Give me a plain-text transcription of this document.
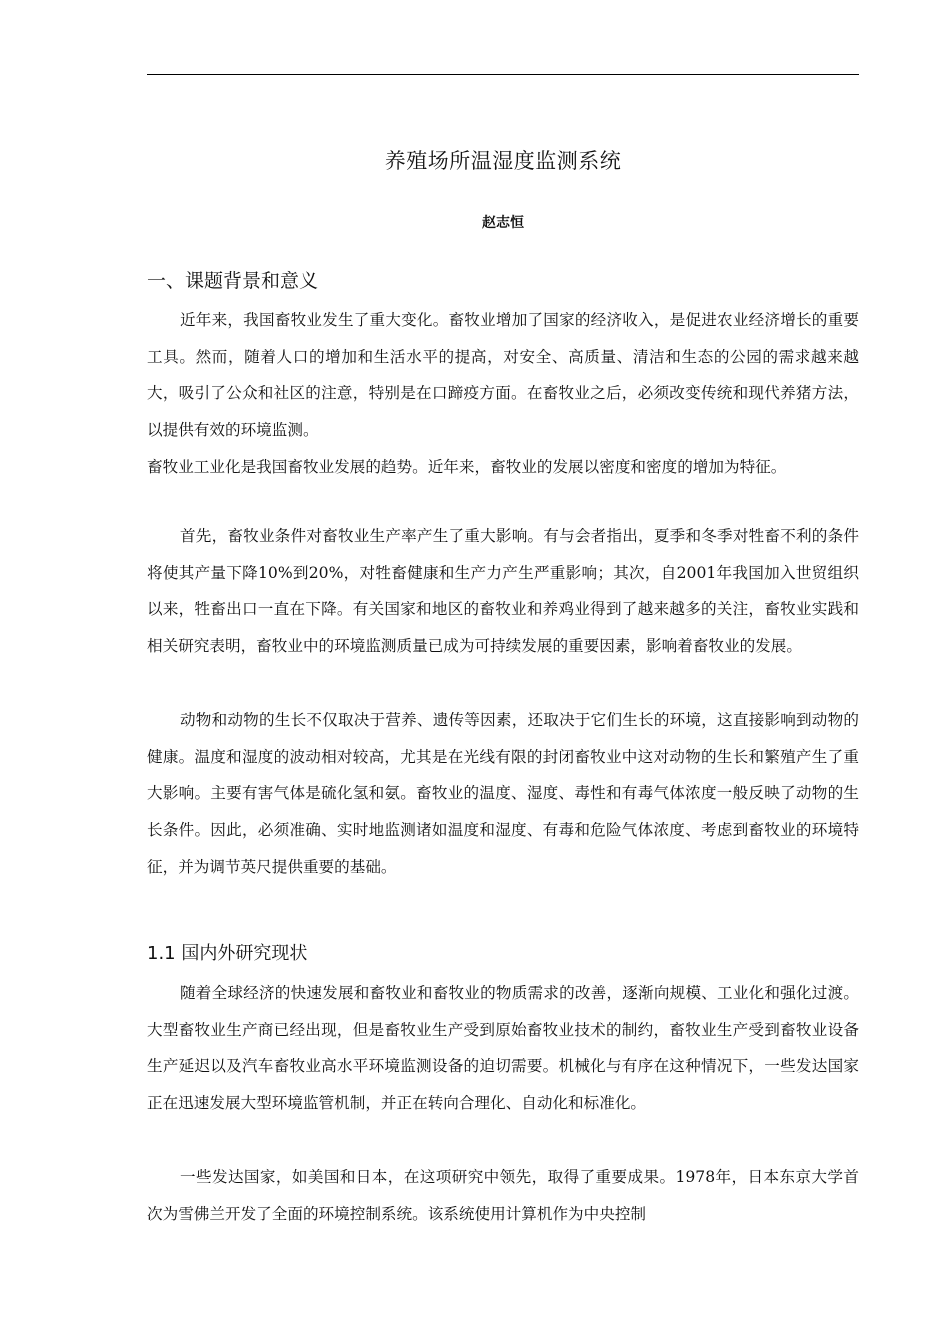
养殖场所温湿度监测系统
赵志恒
一、课题背景和意义

近年来，我国畜牧业发生了重大变化。畜牧业增加了国家的经济收入，是促进农业经济增长的重要工具。然而，随着人口的增加和生活水平的提高，对安全、高质量、清洁和生态的公园的需求越来越大，吸引了公众和社区的注意，特别是在口蹄疫方面。在畜牧业之后，必须改变传统和现代养猪方法，以提供有效的环境监测。

畜牧业工业化是我国畜牧业发展的趋势。近年来，畜牧业的发展以密度和密度的增加为特征。

首先，畜牧业条件对畜牧业生产率产生了重大影响。有与会者指出，夏季和冬季对牲畜不利的条件将使其产量下降10%到20%，对牲畜健康和生产力产生严重影响；其次，自2001年我国加入世贸组织以来，牲畜出口一直在下降。有关国家和地区的畜牧业和养鸡业得到了越来越多的关注，畜牧业实践和相关研究表明，畜牧业中的环境监测质量已成为可持续发展的重要因素，影响着畜牧业的发展。

动物和动物的生长不仅取决于营养、遗传等因素，还取决于它们生长的环境，这直接影响到动物的健康。温度和湿度的波动相对较高，尤其是在光线有限的封闭畜牧业中这对动物的生长和繁殖产生了重大影响。主要有害气体是硫化氢和氨。畜牧业的温度、湿度、毒性和有毒气体浓度一般反映了动物的生长条件。因此，必须准确、实时地监测诸如温度和湿度、有毒和危险气体浓度、考虑到畜牧业的环境特征，并为调节英尺提供重要的基础。

1.1 国内外研究现状

随着全球经济的快速发展和畜牧业和畜牧业的物质需求的改善，逐渐向规模、工业化和强化过渡。大型畜牧业生产商已经出现，但是畜牧业生产受到原始畜牧业技术的制约，畜牧业生产受到畜牧业设备生产延迟以及汽车畜牧业高水平环境监测设备的迫切需要。机械化与有序在这种情况下，一些发达国家正在迅速发展大型环境监管机制，并正在转向合理化、自动化和标准化。

一些发达国家，如美国和日本，在这项研究中领先，取得了重要成果。1978年，日本东京大学首次为雪佛兰开发了全面的环境控制系统。该系统使用计算机作为中央控制
